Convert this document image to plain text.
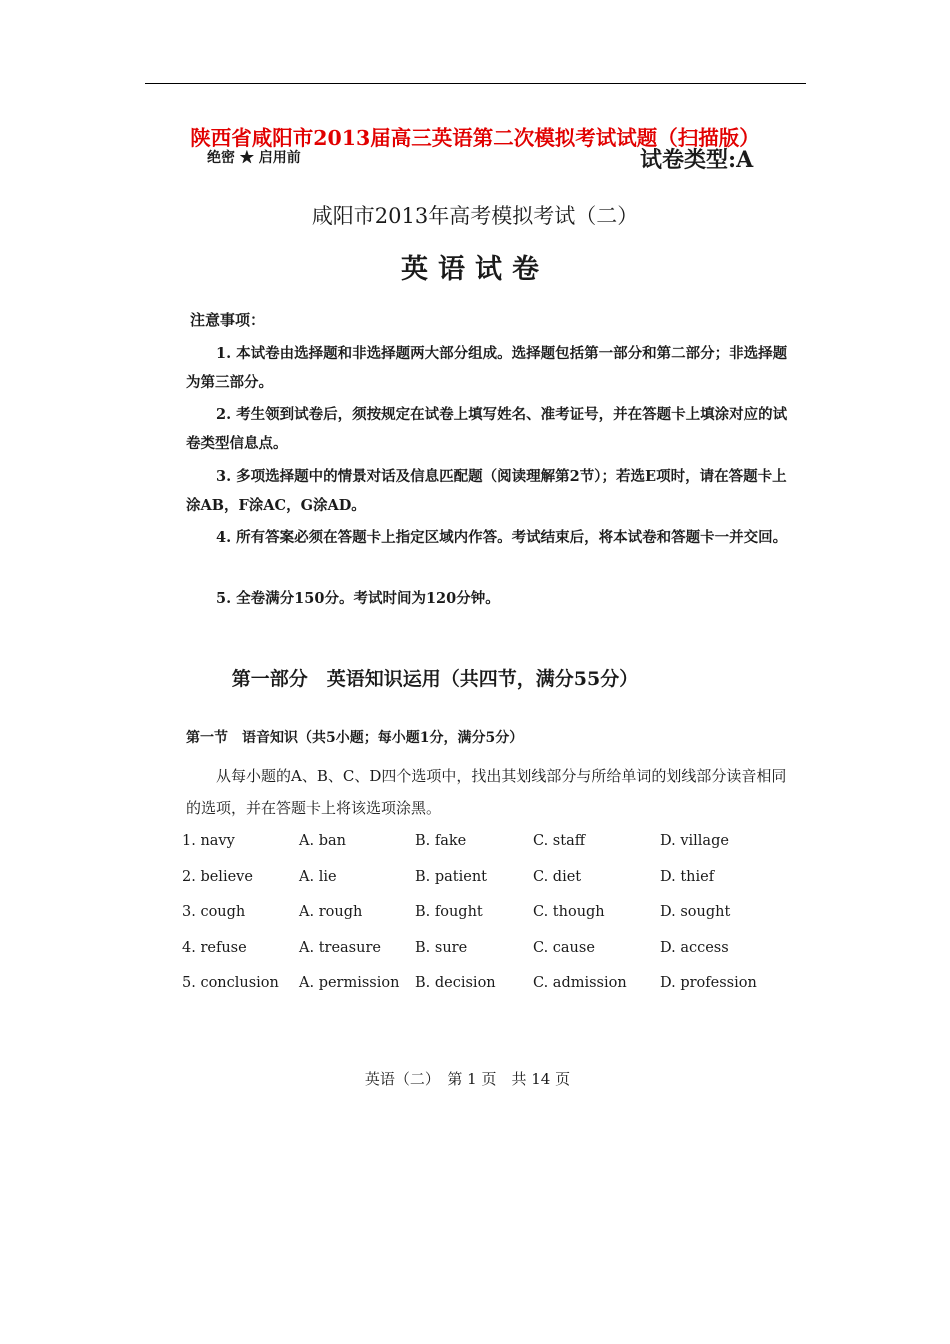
陕西省咸阳市2013届高三英语第二次模拟考试试题（扫描版）
绝密 ★ 启用前	试卷类型:A
咸阳市2013年高考模拟考试（二）
英语试卷
注意事项：
1. 本试卷由选择题和非选择题两大部分组成。选择题包括第一部分和第二部分；非选择题为第三部分。
2. 考生领到试卷后，须按规定在试卷上填写姓名、准考证号，并在答题卡上填涂对应的试卷类型信息点。
3. 多项选择题中的情景对话及信息匹配题（阅读理解第2节）；若选E项时，请在答题卡上涂AB，F涂AC，G涂AD。
4. 所有答案必须在答题卡上指定区域内作答。考试结束后，将本试卷和答题卡一并交回。
5. 全卷满分150分。考试时间为120分钟。
第一部分　英语知识运用（共四节，满分55分）
第一节　语音知识（共5小题；每小题1分，满分5分）
从每小题的A、B、C、D四个选项中，找出其划线部分与所给单词的划线部分读音相同的选项，并在答题卡上将该选项涂黑。
1. navy	A. ban	B. fake	C. staff	D. village
2. believe	A. lie	B. patient	C. diet	D. thief
3. cough	A. rough	B. fought	C. though	D. sought
4. refuse	A. treasure B. sure	C. cause	D. access
5. conclusion A. permission B. decision	C. admission D. profession
英语（二）　第 1 页　共 14 页
